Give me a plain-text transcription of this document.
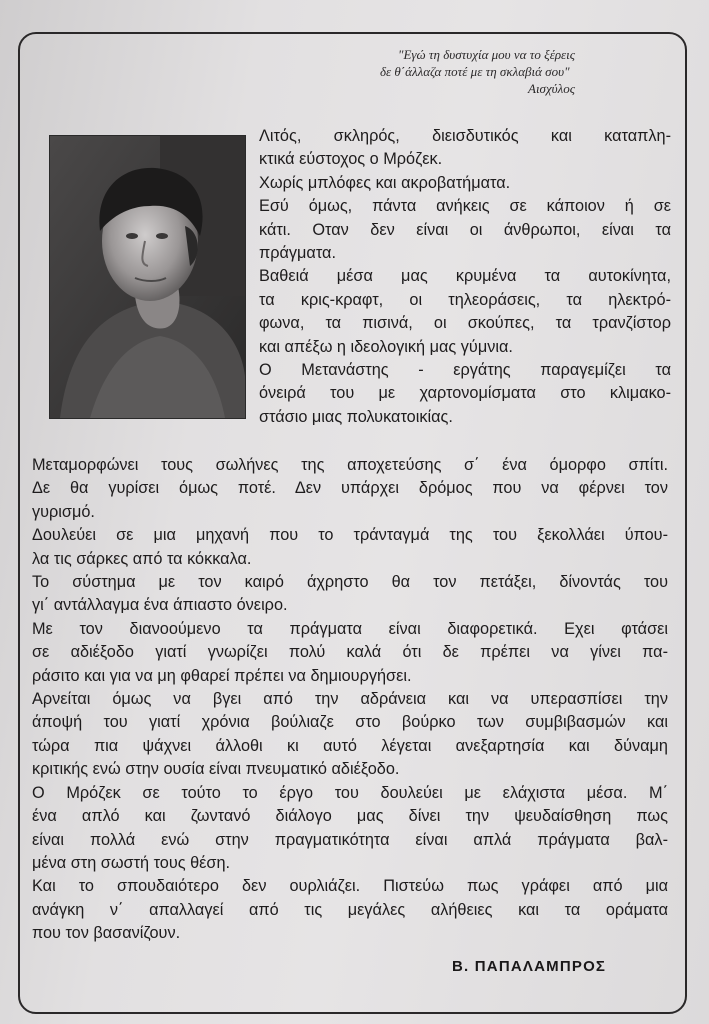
"Εγώ τη δυστυχία μου να το ξέρεις
δε θ΄άλλαζα ποτέ με τη σκλαβιά σου"
Αισχύλος
Λιτός, σκληρός, διεισδυτικός και καταπλη-
κτικά εύστοχος ο Μρόζεκ.
Χωρίς μπλόφες και ακροβατήματα.
Εσύ όμως, πάντα ανήκεις σε κάποιον ή σε
κάτι. Οταν δεν είναι οι άνθρωποι, είναι τα
πράγματα.
Βαθειά μέσα μας κρυμένα τα αυτοκίνητα,
τα κρις-κραφτ, οι τηλεοράσεις, τα ηλεκτρό-
φωνα, τα πισινά, οι σκούπες, τα τρανζίστορ
και απέξω η ιδεολογική μας γύμνια.
Ο Μετανάστης - εργάτης παραγεμίζει τα
όνειρά του με χαρτονομίσματα στο κλιμακο-
στάσιο μιας πολυκατοικίας.
Μεταμορφώνει τους σωλήνες της αποχετεύσης σ΄ ένα όμορφο σπίτι.
Δε θα γυρίσει όμως ποτέ. Δεν υπάρχει δρόμος που να φέρνει τον
γυρισμό.
Δουλεύει σε μια μηχανή που το τράνταγμά της του ξεκολλάει ύπου-
λα τις σάρκες από τα κόκκαλα.
Το σύστημα με τον καιρό άχρηστο θα τον πετάξει, δίνοντάς του
γι΄ αντάλλαγμα ένα άπιαστο όνειρο.
Με τον διανοούμενο τα πράγματα είναι διαφορετικά. Εχει φτάσει
σε αδιέξοδο γιατί γνωρίζει πολύ καλά ότι δε πρέπει να γίνει πα-
ράσιτο και για να μη φθαρεί πρέπει να δημιουργήσει.
Αρνείται όμως να βγει από την αδράνεια και να υπερασπίσει την
άποψή του γιατί χρόνια βούλιαζε στο βούρκο των συμβιβασμών και
τώρα πια ψάχνει άλλοθι κι αυτό λέγεται ανεξαρτησία και δύναμη
κριτικής ενώ στην ουσία είναι πνευματικό αδιέξοδο.
Ο Μρόζεκ σε τούτο το έργο του δουλεύει με ελάχιστα μέσα. Μ΄
ένα απλό και ζωντανό διάλογο μας δίνει την ψευδαίσθηση πως
είναι πολλά ενώ στην πραγματικότητα είναι απλά πράγματα βαλ-
μένα στη σωστή τους θέση.
Και το σπουδαιότερο δεν ουρλιάζει. Πιστεύω πως γράφει από μια
ανάγκη ν΄ απαλλαγεί από τις μεγάλες αλήθειες και τα οράματα
που τον βασανίζουν.
Β. ΠΑΠΑΛΑΜΠΡΟΣ
